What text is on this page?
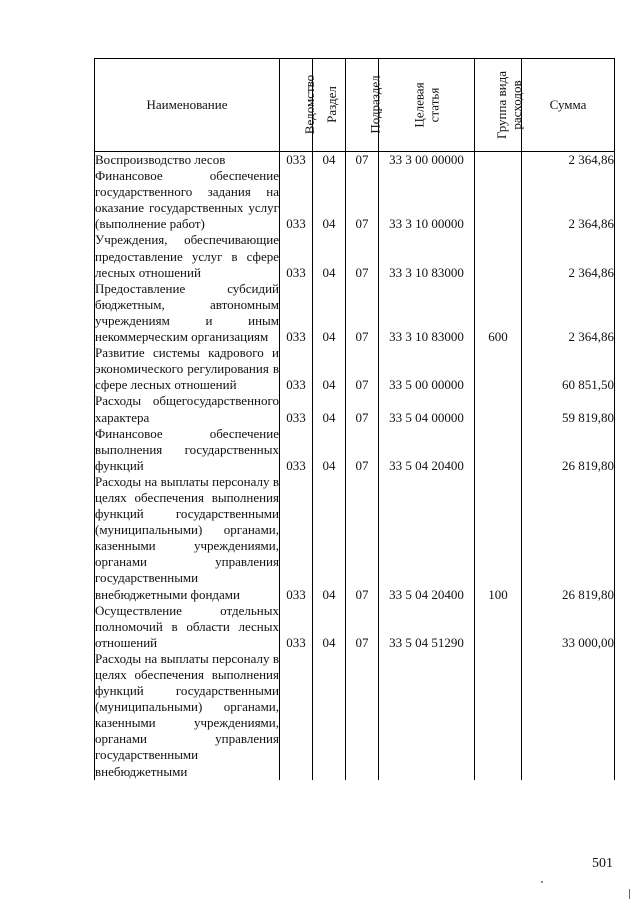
Наименование	Ведомство	Раздел	Подраздел	Целевая
статья	Группа вида
расходов	Сумма
Воспроизводство лесов	033	04	07	33 3 00 00000		2 364,86
Финансовое обеспечение государственного задания на оказание государственных услуг (выполнение работ)	033	04	07	33 3 10 00000		2 364,86
Учреждения, обеспечивающие предоставление услуг в сфере лесных отношений	033	04	07	33 3 10 83000		2 364,86
Предоставление субсидий бюджетным, автономным учреждениям и иным некоммерческим организациям	033	04	07	33 3 10 83000	600	2 364,86
Развитие системы кадрового и экономического регулирования в сфере лесных отношений	033	04	07	33 5 00 00000		60 851,50
Расходы общегосударственного характера	033	04	07	33 5 04 00000		59 819,80
Финансовое обеспечение выполнения государственных функций	033	04	07	33 5 04 20400		26 819,80
Расходы на выплаты персоналу в целях обеспечения выполнения функций государственными (муниципальными) органами, казенными учреждениями, органами управления государственными внебюджетными фондами	033	04	07	33 5 04 20400	100	26 819,80
Осуществление отдельных полномочий в области лесных отношений	033	04	07	33 5 04 51290		33 000,00
Расходы на выплаты персоналу в целях обеспечения выполнения функций государственными (муниципальными) органами, казенными учреждениями, органами управления государственными внебюджетными						
501
